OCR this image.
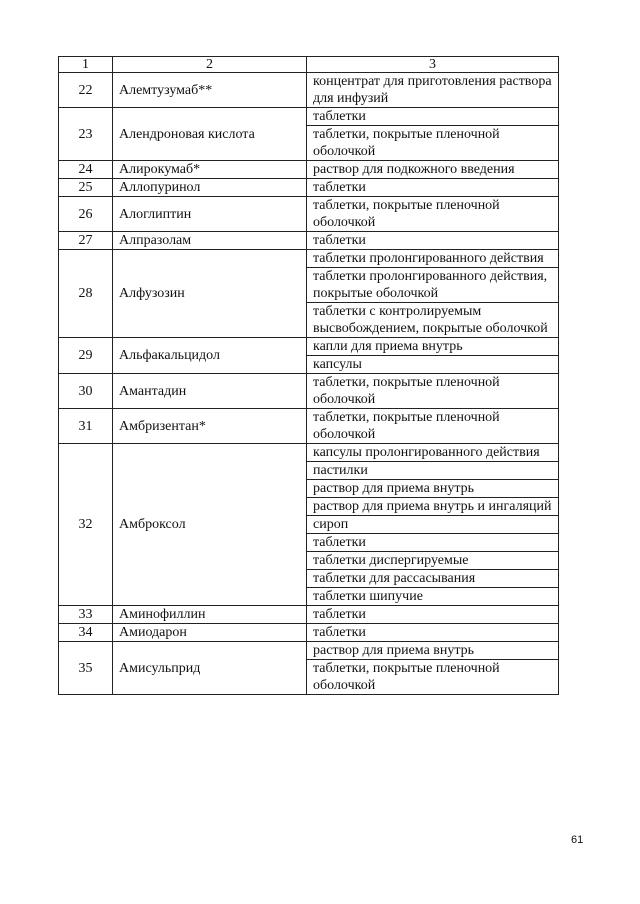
1	2	3
22	Алемтузумаб**	концентрат для приготовления раствора для инфузий
23	Алендроновая кислота	таблетки
		таблетки, покрытые пленочной оболочкой
24	Алирокумаб*	раствор для подкожного введения
25	Аллопуринол	таблетки
26	Алоглиптин	таблетки, покрытые пленочной оболочкой
27	Алпразолам	таблетки
28	Алфузозин	таблетки пролонгированного действия
		таблетки пролонгированного действия, покрытые оболочкой
		таблетки с контролируемым высвобождением, покрытые оболочкой
29	Альфакальцидол	капли для приема внутрь
		капсулы
30	Амантадин	таблетки, покрытые пленочной оболочкой
31	Амбризентан*	таблетки, покрытые пленочной оболочкой
32	Амброксол	капсулы пролонгированного действия
		пастилки
		раствор для приема внутрь
		раствор для приема внутрь и ингаляций
		сироп
		таблетки
		таблетки диспергируемые
		таблетки для рассасывания
		таблетки шипучие
33	Аминофиллин	таблетки
34	Амиодарон	таблетки
35	Амисульприд	раствор для приема внутрь
		таблетки, покрытые пленочной оболочкой
61
